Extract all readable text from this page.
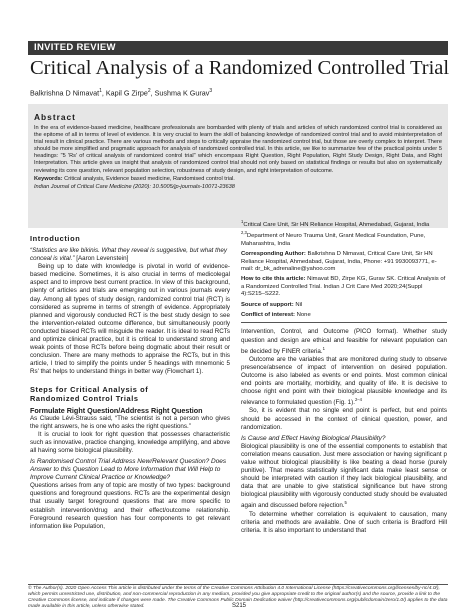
INVITED REVIEW
Critical Analysis of a Randomized Controlled Trial
Balkrishna D Nimavat$^1$, Kapil G Zirpe$^2$, Sushma K Gurav$^3$
Abstract
In the era of evidence-based medicine, healthcare professionals are bombarded with plenty of trials and articles of which randomized control trial is considered as the epitome of all in terms of level of evidence. It is very crucial to learn the skill of balancing knowledge of randomized control trial and to avoid misinterpretation of trial result in clinical practice. There are various methods and steps to critically appraise the randomized control trial, but those are overly complex to interpret. There should be more simplified and pragmatic approach for analysis of randomized controlled trial. In this article, we like to summarize few of the practical points under 5 headings: "5 'Rs' of critical analysis of randomized control trial" which encompass Right Question, Right Population, Right Study Design, Right Data, and Right Interpretation. This article gives us insight that analysis of randomized control trial should not only based on statistical findings or results but also on systematically reviewing its core question, relevant population selection, robustness of study design, and right interpretation of outcome.
Keywords: Critical analysis, Evidence based medicine, Randomised control trial.
Indian Journal of Critical Care Medicine (2020): 10.5005/jp-journals-10071-23638
Introduction
“Statistics are like bikinis. What they reveal is suggestive, but what they conceal is vital.” [Aaron Levenstein]
Being up to date with knowledge is pivotal in world of evidence-based medicine. Sometimes, it is also crucial in terms of medicolegal aspect and to improve best current practice. In view of this background, plenty of articles and trials are emerging out in various journals every day. Among all types of study design, randomized control trial (RCT) is considered as supreme in terms of strength of evidence. Appropriately planned and vigorously conducted RCT is the best study design to see the intervention-related outcome difference, but simultaneously poorly conducted biased RCTs will misguide the reader. It is ideal to read RCTs and optimize clinical practice, but it is critical to understand strong and weak points of those RCTs before being dogmatic about their result or conclusion. There are many methods to appraise the RCTs, but in this article, I tried to simplify the points under 5 headings with mnemonic 5 Rs' that helps to understand things in better way (Flowchart 1).
Steps for Critical Analysis of
Randomized Control Trials
Formulate Right Question/Address Right Question
As Claude Lévi-Strauss said, “The scientist is not a person who gives the right answers, he is one who asks the right questions.”
It is crucial to look for right question that possesses characteristic such as innovative, practice changing, knowledge amplifying, and above all having some biological plausibility.
Is Randomised Control Trial Address New/Relevant Question? Does Answer to this Question Lead to More Information that Will Help to Improve Current Clinical Practice or Knowledge?
Questions arises from any of topic are mostly of two types: background questions and foreground questions. RCTs are the experimental design that usually target foreground questions that are more specific to establish intervention/drug and their effect/outcome relationship. Foreground research question has four components to get relevant information like Population,
$^1$Critical Care Unit, Sir HN Reliance Hospital, Ahmedabad, Gujarat, India
$^{2,3}$Department of Neuro Trauma Unit, Grant Medical Foundation, Pune, Maharashtra, India
Corresponding Author: Balkrishna D Nimavat, Critical Care Unit, Sir HN Reliance Hospital, Ahmedabad, Gujarat, India, Phone: +91 9930093771, e-mail: dr_bk_adrenaline@yahoo.com
How to cite this article: Nimavat BD, Zirpe KG, Gurav SK. Critical Analysis of a Randomized Controlled Trial. Indian J Crit Care Med 2020;24(Suppl 4):S215–S222.
Source of support: Nil
Conflict of interest: None
Intervention, Control, and Outcome (PICO format). Whether study question and design are ethical and feasible for relevant population can be decided by FINER criteria.$^1$
Outcome are the variables that are monitored during study to observe presence/absence of impact of intervention on desired population. Outcome is also labeled as events or end points. Most common clinical end points are mortality, morbidity, and quality of life. It is decisive to choose right end point with their biological plausible knowledge and its relevance to formulated question (Fig. 1).$^{2-4}$
So, it is evident that no single end point is perfect, but end points should be accessed in the context of clinical question, power, and randomization.
Is Cause and Effect Having Biological Plausibility?
Biological plausibility is one of the essential components to establish that correlation means causation. Just mere association or having significant p value without biological plausibility is like beating a dead horse (purely punitive). That means statistically significant data make least sense or should be interpreted with caution if they lack biological plausibility, and data that are unable to give statistical significance but have strong biological plausibility with vigorously conducted study should be evaluated again and discussed before rejection.$^5$
To determine whether correlation is equivalent to causation, many criteria and methods are available. One of such criteria is Bradford Hill criteria. It is also important to understand that
© The Author(s). 2020 Open Access This article is distributed under the terms of the Creative Commons Attribution 4.0 International License (https://creativecommons.org/licenses/by-nc/4.0/), which permits unrestricted use, distribution, and non-commercial reproduction in any medium, provided you give appropriate credit to the original author(s) and the source, provide a link to the Creative Commons license, and indicate if changes were made. The Creative Commons Public Domain Dedication waiver (http://creativecommons.org/publicdomain/zero/1.0/) applies to the data made available in this article, unless otherwise stated.	S215
